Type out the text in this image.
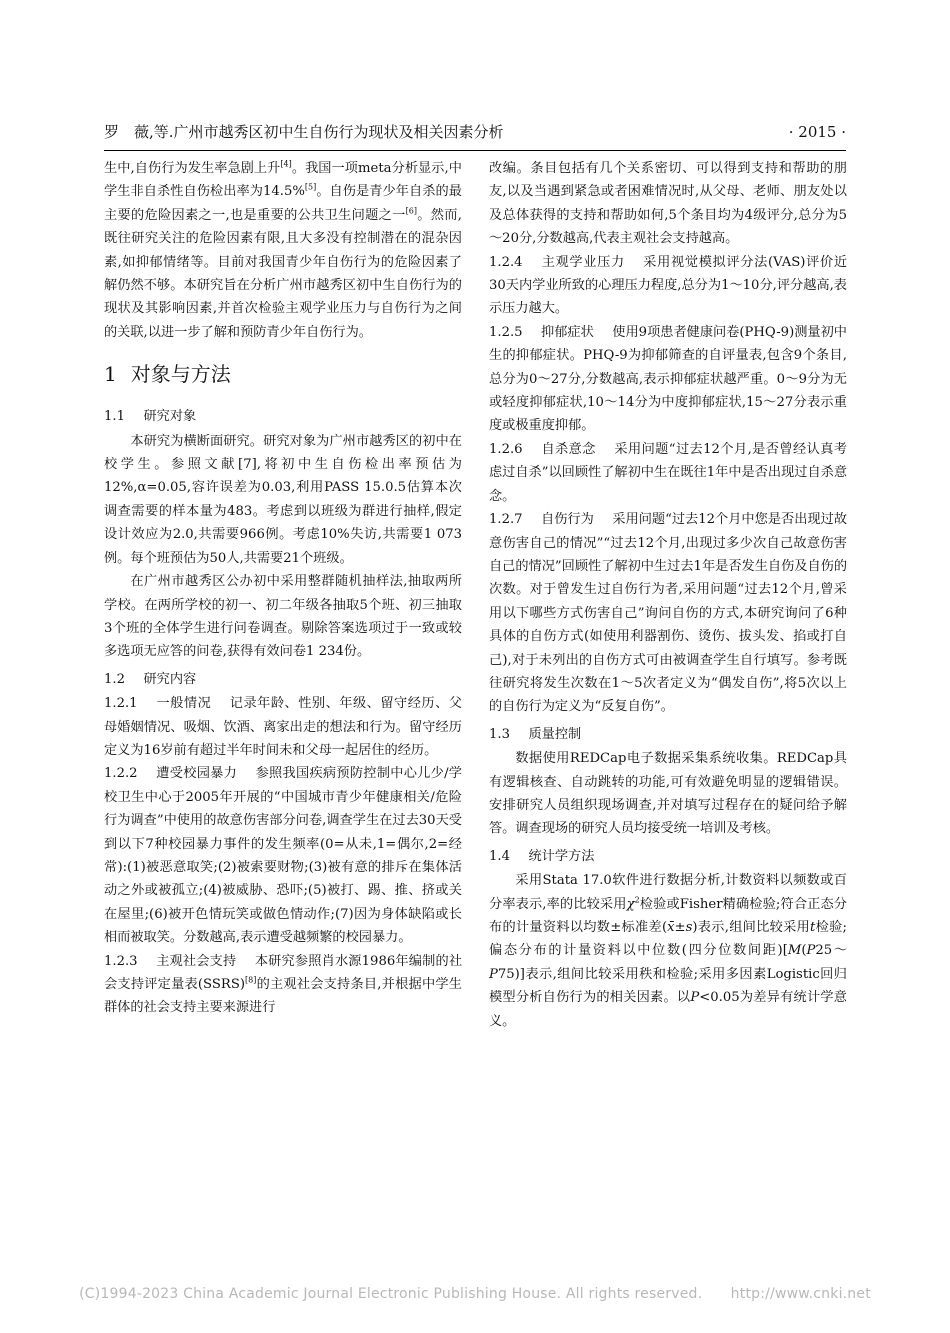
罗　薇,等.广州市越秀区初中生自伤行为现状及相关因素分析	· 2015 ·

生中,自伤行为发生率急剧上升[4]。我国一项meta分析显示,中学生非自杀性自伤检出率为14.5%[5]。自伤是青少年自杀的最主要的危险因素之一,也是重要的公共卫生问题之一[6]。然而,既往研究关注的危险因素有限,且大多没有控制潜在的混杂因素,如抑郁情绪等。目前对我国青少年自伤行为的危险因素了解仍然不够。本研究旨在分析广州市越秀区初中生自伤行为的现状及其影响因素,并首次检验主观学业压力与自伤行为之间的关联,以进一步了解和预防青少年自伤行为。

1 对象与方法

1.1 研究对象

本研究为横断面研究。研究对象为广州市越秀区的初中在校学生。参照文献[7],将初中生自伤检出率预估为12%,α=0.05,容许误差为0.03,利用PASS 15.0.5估算本次调查需要的样本量为483。考虑到以班级为群进行抽样,假定设计效应为2.0,共需要966例。考虑10%失访,共需要1 073例。每个班预估为50人,共需要21个班级。

在广州市越秀区公办初中采用整群随机抽样法,抽取两所学校。在两所学校的初一、初二年级各抽取5个班、初三抽取3个班的全体学生进行问卷调查。剔除答案选项过于一致或较多选项无应答的问卷,获得有效问卷1 234份。

1.2 研究内容

1.2.1 一般情况 记录年龄、性别、年级、留守经历、父母婚姻情况、吸烟、饮酒、离家出走的想法和行为。留守经历定义为16岁前有超过半年时间未和父母一起居住的经历。

1.2.2 遭受校园暴力 参照我国疾病预防控制中心儿少/学校卫生中心于2005年开展的“中国城市青少年健康相关/危险行为调查”中使用的故意伤害部分问卷,调查学生在过去30天受到以下7种校园暴力事件的发生频率(0=从未,1=偶尔,2=经常):(1)被恶意取笑;(2)被索要财物;(3)被有意的排斥在集体活动之外或被孤立;(4)被威胁、恐吓;(5)被打、踢、推、挤或关在屋里;(6)被开色情玩笑或做色情动作;(7)因为身体缺陷或长相而被取笑。分数越高,表示遭受越频繁的校园暴力。

1.2.3 主观社会支持 本研究参照肖水源1986年编制的社会支持评定量表(SSRS)[8]的主观社会支持条目,并根据中学生群体的社会支持主要来源进行

改编。条目包括有几个关系密切、可以得到支持和帮助的朋友,以及当遇到紧急或者困难情况时,从父母、老师、朋友处以及总体获得的支持和帮助如何,5个条目均为4级评分,总分为5～20分,分数越高,代表主观社会支持越高。

1.2.4 主观学业压力 采用视觉模拟评分法(VAS)评价近30天内学业所致的心理压力程度,总分为1～10分,评分越高,表示压力越大。

1.2.5 抑郁症状 使用9项患者健康问卷(PHQ-9)测量初中生的抑郁症状。PHQ-9为抑郁筛查的自评量表,包含9个条目,总分为0～27分,分数越高,表示抑郁症状越严重。0～9分为无或轻度抑郁症状,10～14分为中度抑郁症状,15～27分表示重度或极重度抑郁。

1.2.6 自杀意念 采用问题“过去12个月,是否曾经认真考虑过自杀”以回顾性了解初中生在既往1年中是否出现过自杀意念。

1.2.7 自伤行为 采用问题“过去12个月中您是否出现过故意伤害自己的情况”“过去12个月,出现过多少次自己故意伤害自己的情况”回顾性了解初中生过去1年是否发生自伤及自伤的次数。对于曾发生过自伤行为者,采用问题“过去12个月,曾采用以下哪些方式伤害自己”询问自伤的方式,本研究询问了6种具体的自伤方式(如使用利器割伤、烫伤、拔头发、掐或打自己),对于未列出的自伤方式可由被调查学生自行填写。参考既往研究将发生次数在1～5次者定义为“偶发自伤”,将5次以上的自伤行为定义为“反复自伤”。

1.3 质量控制

数据使用REDCap电子数据采集系统收集。REDCap具有逻辑核查、自动跳转的功能,可有效避免明显的逻辑错误。安排研究人员组织现场调查,并对填写过程存在的疑问给予解答。调查现场的研究人员均接受统一培训及考核。

1.4 统计学方法

采用Stata 17.0软件进行数据分析,计数资料以频数或百分率表示,率的比较采用$\chi^2$检验或Fisher精确检验;符合正态分布的计量资料以均数±标准差(x̄±s)表示,组间比较采用t检验;偏态分布的计量资料以中位数(四分位数间距)[M(P25～P75)]表示,组间比较采用秩和检验;采用多因素Logistic回归模型分析自伤行为的相关因素。以P<0.05为差异有统计学意义。

(C)1994-2023 China Academic Journal Electronic Publishing House. All rights reserved.　　http://www.cnki.net
